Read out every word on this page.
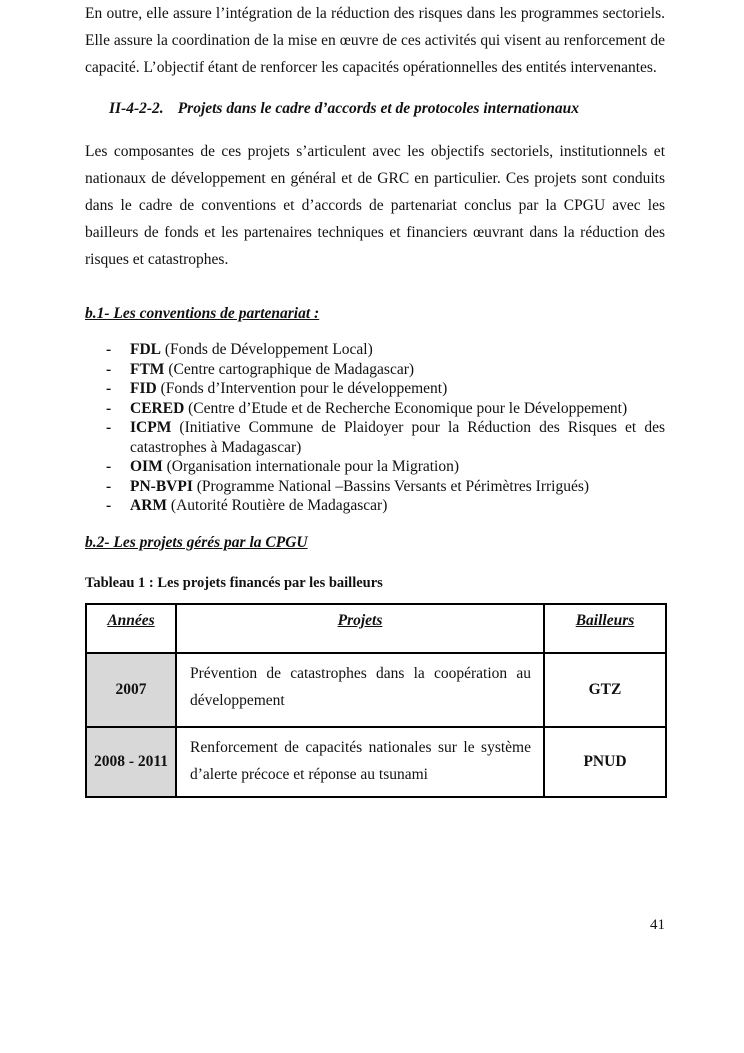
En outre, elle assure l’intégration de la réduction des risques dans les programmes sectoriels. Elle assure la coordination de la mise en œuvre de ces activités qui visent au renforcement de capacité. L’objectif étant de renforcer les capacités opérationnelles des entités intervenantes.

II-4-2-2. Projets dans le cadre d’accords et de protocoles internationaux

Les composantes de ces projets s’articulent avec les objectifs sectoriels, institutionnels et nationaux de développement en général et de GRC en particulier. Ces projets sont conduits dans le cadre de conventions et d’accords de partenariat conclus par la CPGU avec les bailleurs de fonds et les partenaires techniques et financiers œuvrant dans la réduction des risques et catastrophes.

b.1- Les conventions de partenariat :
- FDL (Fonds de Développement Local)
- FTM (Centre cartographique de Madagascar)
- FID (Fonds d’Intervention pour le développement)
- CERED (Centre d’Etude et de Recherche Economique pour le Développement)
- ICPM (Initiative Commune de Plaidoyer pour la Réduction des Risques et des catastrophes à Madagascar)
- OIM (Organisation internationale pour la Migration)
- PN-BVPI (Programme National –Bassins Versants et Périmètres Irrigués)
- ARM (Autorité Routière de Madagascar)
b.2- Les projets gérés par la CPGU
Tableau 1 : Les projets financés par les bailleurs
Années	Projets	Bailleurs
2007	Prévention de catastrophes dans la coopération au développement	GTZ
2008 - 2011	Renforcement de capacités nationales sur le système d’alerte précoce et réponse au tsunami	PNUD
41
